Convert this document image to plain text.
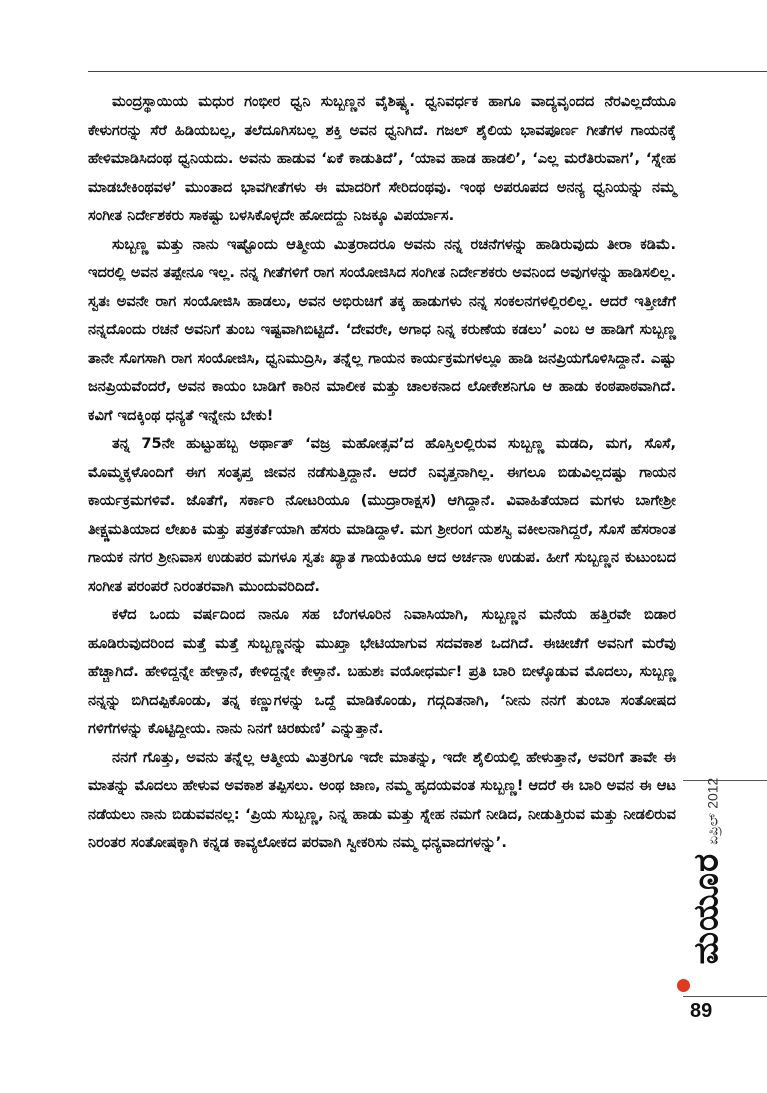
ಮಂದ್ರಸ್ಥಾಯಿಯ ಮಧುರ ಗಂಭೀರ ಧ್ವನಿ ಸುಬ್ಬಣ್ಣನ ವೈಶಿಷ್ಟ್ಯ. ಧ್ವನಿವರ್ಧಕ ಹಾಗೂ ವಾದ್ಯವೃಂದದ ನೆರವಿಲ್ಲದೆಯೂ ಕೇಳುಗರನ್ನು ಸೆರೆ ಹಿಡಿಯಬಲ್ಲ, ತಲೆದೂಗಿಸಬಲ್ಲ ಶಕ್ತಿ ಅವನ ಧ್ವನಿಗಿದೆ. ಗಜಲ್ ಶೈಲಿಯ ಭಾವಪೂರ್ಣ ಗೀತೆಗಳ ಗಾಯನಕ್ಕೆ ಹೇಳಿಮಾಡಿಸಿದಂಥ ಧ್ವನಿಯದು. ಅವನು ಹಾಡುವ ‘ಏಕೆ ಕಾಡುತಿದೆ’, ‘ಯಾವ ಹಾಡ ಹಾಡಲಿ’, ‘ಎಲ್ಲ ಮರೆತಿರುವಾಗ’, ‘ಸ್ನೇಹ ಮಾಡಬೇಕಿಂಥವಳ’ ಮುಂತಾದ ಭಾವಗೀತೆಗಳು ಈ ಮಾದರಿಗೆ ಸೇರಿದಂಥವು. ಇಂಥ ಅಪರೂಪದ ಅನನ್ಯ ಧ್ವನಿಯನ್ನು ನಮ್ಮ ಸಂಗೀತ ನಿರ್ದೇಶಕರು ಸಾಕಷ್ಟು ಬಳಸಿಕೊಳ್ಳದೇ ಹೋದದ್ದು ನಿಜಕ್ಕೂ ವಿಪರ್ಯಾಸ.

ಸುಬ್ಬಣ್ಣ ಮತ್ತು ನಾನು ಇಷ್ಟೊಂದು ಆತ್ಮೀಯ ಮಿತ್ರರಾದರೂ ಅವನು ನನ್ನ ರಚನೆಗಳನ್ನು ಹಾಡಿರುವುದು ತೀರಾ ಕಡಿಮೆ. ಇದರಲ್ಲಿ ಅವನ ತಪ್ಪೇನೂ ಇಲ್ಲ. ನನ್ನ ಗೀತೆಗಳಿಗೆ ರಾಗ ಸಂಯೋಜಿಸಿದ ಸಂಗೀತ ನಿರ್ದೇಶಕರು ಅವನಿಂದ ಅವುಗಳನ್ನು ಹಾಡಿಸಲಿಲ್ಲ. ಸ್ವತಃ ಅವನೇ ರಾಗ ಸಂಯೋಜಿಸಿ ಹಾಡಲು, ಅವನ ಅಭಿರುಚಿಗೆ ತಕ್ಕ ಹಾಡುಗಳು ನನ್ನ ಸಂಕಲನಗಳಲ್ಲಿರಲಿಲ್ಲ. ಆದರೆ ಇತ್ತೀಚೆಗೆ ನನ್ನದೊಂದು ರಚನೆ ಅವನಿಗೆ ತುಂಬ ಇಷ್ಟವಾಗಿಬಿಟ್ಟಿದೆ. ‘ದೇವರೇ, ಅಗಾಧ ನಿನ್ನ ಕರುಣೆಯ ಕಡಲು’ ಎಂಬ ಆ ಹಾಡಿಗೆ ಸುಬ್ಬಣ್ಣ ತಾನೇ ಸೊಗಸಾಗಿ ರಾಗ ಸಂಯೋಜಿಸಿ, ಧ್ವನಿಮುದ್ರಿಸಿ, ತನ್ನೆಲ್ಲ ಗಾಯನ ಕಾರ್ಯಕ್ರಮಗಳಲ್ಲೂ ಹಾಡಿ ಜನಪ್ರಿಯಗೊಳಿಸಿದ್ದಾನೆ. ಎಷ್ಟು ಜನಪ್ರಿಯವೆಂದರೆ, ಅವನ ಕಾಯಂ ಬಾಡಿಗೆ ಕಾರಿನ ಮಾಲೀಕ ಮತ್ತು ಚಾಲಕನಾದ ಲೋಕೇಶನಿಗೂ ಆ ಹಾಡು ಕಂಠಪಾಠವಾಗಿದೆ. ಕವಿಗೆ ಇದಕ್ಕಿಂಥ ಧನ್ಯತೆ ಇನ್ನೇನು ಬೇಕು!

ತನ್ನ 75ನೇ ಹುಟ್ಟುಹಬ್ಬ ಅರ್ಥಾತ್ ‘ವಜ್ರ ಮಹೋತ್ಸವ’ದ ಹೊಸ್ತಿಲಲ್ಲಿರುವ ಸುಬ್ಬಣ್ಣ ಮಡದಿ, ಮಗ, ಸೊಸೆ, ಮೊಮ್ಮಕ್ಕಳೊಂದಿಗೆ ಈಗ ಸಂತೃಪ್ತ ಜೀವನ ನಡೆಸುತ್ತಿದ್ದಾನೆ. ಆದರೆ ನಿವೃತ್ತನಾಗಿಲ್ಲ. ಈಗಲೂ ಬಿಡುವಿಲ್ಲದಷ್ಟು ಗಾಯನ ಕಾರ್ಯಕ್ರಮಗಳಿವೆ. ಜೊತೆಗೆ, ಸರ್ಕಾರಿ ನೋಟರಿಯೂ (ಮುದ್ರಾರಾಕ್ಷಸ) ಆಗಿದ್ದಾನೆ. ವಿವಾಹಿತೆಯಾದ ಮಗಳು ಬಾಗೇಶ್ರೀ ತೀಕ್ಷ್ಣಮತಿಯಾದ ಲೇಖಕಿ ಮತ್ತು ಪತ್ರಕರ್ತೆಯಾಗಿ ಹೆಸರು ಮಾಡಿದ್ದಾಳೆ. ಮಗ ಶ್ರೀರಂಗ ಯಶಸ್ವಿ ವಕೀಲನಾಗಿದ್ದರೆ, ಸೊಸೆ ಹೆಸರಾಂತ ಗಾಯಕ ನಗರ ಶ್ರೀನಿವಾಸ ಉಡುಪರ ಮಗಳೂ ಸ್ವತಃ ಖ್ಯಾತ ಗಾಯಕಿಯೂ ಆದ ಅರ್ಚನಾ ಉಡುಪ. ಹೀಗೆ ಸುಬ್ಬಣ್ಣನ ಕುಟುಂಬದ ಸಂಗೀತ ಪರಂಪರೆ ನಿರಂತರವಾಗಿ ಮುಂದುವರಿದಿದೆ.

ಕಳೆದ ಒಂದು ವರ್ಷದಿಂದ ನಾನೂ ಸಹ ಬೆಂಗಳೂರಿನ ನಿವಾಸಿಯಾಗಿ, ಸುಬ್ಬಣ್ಣನ ಮನೆಯ ಹತ್ತಿರವೇ ಬಿಡಾರ ಹೂಡಿರುವುದರಿಂದ ಮತ್ತೆ ಮತ್ತೆ ಸುಬ್ಬಣ್ಣನನ್ನು ಮುಖ್ತಾ ಭೇಟಿಯಾಗುವ ಸದವಕಾಶ ಒದಗಿದೆ. ಈಚೀಚೆಗೆ ಅವನಿಗೆ ಮರೆವು ಹೆಚ್ಚಾಗಿದೆ. ಹೇಳಿದ್ದನ್ನೇ ಹೇಳ್ತಾನೆ, ಕೇಳಿದ್ದನ್ನೇ ಕೇಳ್ತಾನೆ. ಬಹುಶಃ ವಯೋಧರ್ಮ! ಪ್ರತಿ ಬಾರಿ ಬೀಳ್ಕೊಡುವ ಮೊದಲು, ಸುಬ್ಬಣ್ಣ ನನ್ನನ್ನು ಬಿಗಿದಪ್ಪಿಕೊಂಡು, ತನ್ನ ಕಣ್ಣುಗಳನ್ನು ಒದ್ದೆ ಮಾಡಿಕೊಂಡು, ಗದ್ಗದಿತನಾಗಿ, ‘ನೀನು ನನಗೆ ತುಂಬಾ ಸಂತೋಷದ ಗಳಿಗೆಗಳನ್ನು ಕೊಟ್ಟಿದ್ದೀಯ. ನಾನು ನಿನಗೆ ಚಿರಋಣಿ’ ಎನ್ನುತ್ತಾನೆ.

ನನಗೆ ಗೊತ್ತು, ಅವನು ತನ್ನೆಲ್ಲ ಆತ್ಮೀಯ ಮಿತ್ರರಿಗೂ ಇದೇ ಮಾತನ್ನು, ಇದೇ ಶೈಲಿಯಲ್ಲಿ ಹೇಳುತ್ತಾನೆ, ಅವರಿಗೆ ತಾವೇ ಈ ಮಾತನ್ನು ಮೊದಲು ಹೇಳುವ ಅವಕಾಶ ತಪ್ಪಿಸಲು. ಅಂಥ ಜಾಣ, ನಮ್ಮ ಹೃದಯವಂತ ಸುಬ್ಬಣ್ಣ! ಆದರೆ ಈ ಬಾರಿ ಅವನ ಈ ಆಟ ನಡೆಯಲು ನಾನು ಬಿಡುವವನಲ್ಲ: ‘ಪ್ರಿಯ ಸುಬ್ಬಣ್ಣ, ನಿನ್ನ ಹಾಡು ಮತ್ತು ಸ್ನೇಹ ನಮಗೆ ನೀಡಿದ, ನೀಡುತ್ತಿರುವ ಮತ್ತು ನೀಡಲಿರುವ ನಿರಂತರ ಸಂತೋಷಕ್ಕಾಗಿ ಕನ್ನಡ ಕಾವ್ಯಲೋಕದ ಪರವಾಗಿ ಸ್ವೀಕರಿಸು ನಮ್ಮ ಧನ್ಯವಾದಗಳನ್ನು’.

ಮಯೂರ
ಏಪ್ರಿಲ್ 2012
89
